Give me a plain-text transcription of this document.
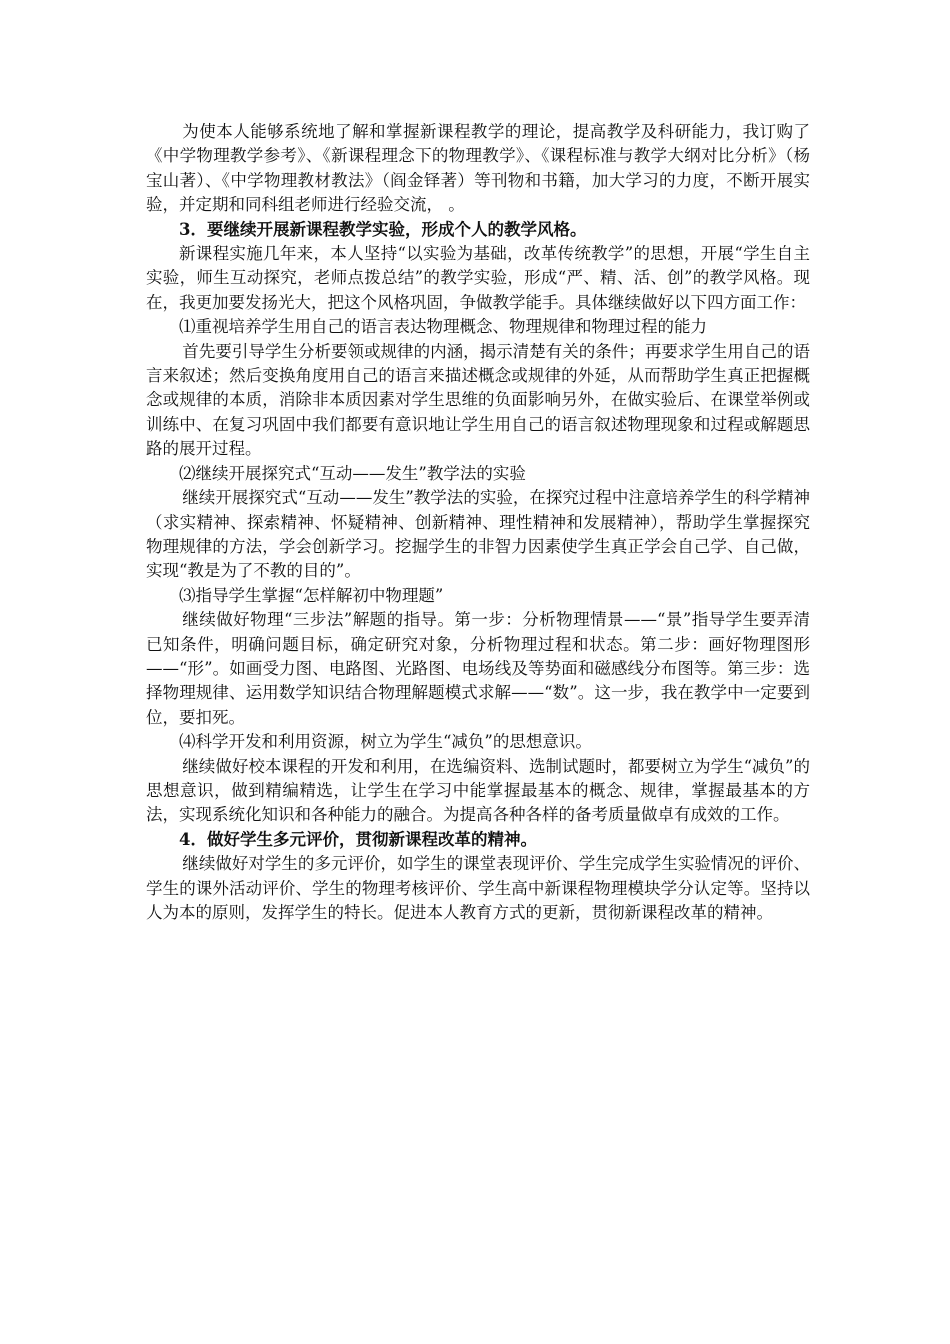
为使本人能够系统地了解和掌握新课程教学的理论，提高教学及科研能力，我订购了《中学物理教学参考》、《新课程理念下的物理教学》、《课程标准与教学大纲对比分析》（杨宝山著）、《中学物理教材教法》（阎金铎著）等刊物和书籍，加大学习的力度，不断开展实验，并定期和同科组老师进行经验交流， 。

3．要继续开展新课程教学实验，形成个人的教学风格。

新课程实施几年来，本人坚持“以实验为基础，改革传统教学”的思想，开展“学生自主实验，师生互动探究，老师点拨总结”的教学实验，形成“严、精、活、创”的教学风格。现在，我更加要发扬光大，把这个风格巩固，争做教学能手。具体继续做好以下四方面工作：

⑴重视培养学生用自己的语言表达物理概念、物理规律和物理过程的能力

首先要引导学生分析要领或规律的内涵，揭示清楚有关的条件；再要求学生用自己的语言来叙述；然后变换角度用自己的语言来描述概念或规律的外延，从而帮助学生真正把握概念或规律的本质，消除非本质因素对学生思维的负面影响另外，在做实验后、在课堂举例或训练中、在复习巩固中我们都要有意识地让学生用自己的语言叙述物理现象和过程或解题思路的展开过程。

⑵继续开展探究式“互动——发生”教学法的实验

继续开展探究式“互动——发生”教学法的实验，在探究过程中注意培养学生的科学精神（求实精神、探索精神、怀疑精神、创新精神、理性精神和发展精神），帮助学生掌握探究物理规律的方法，学会创新学习。挖掘学生的非智力因素使学生真正学会自己学、自己做，实现“教是为了不教的目的”。

⑶指导学生掌握“怎样解初中物理题”

继续做好物理“三步法”解题的指导。第一步：分析物理情景——“景”指导学生要弄清已知条件，明确问题目标，确定研究对象，分析物理过程和状态。第二步：画好物理图形——“形”。如画受力图、电路图、光路图、电场线及等势面和磁感线分布图等。第三步：选择物理规律、运用数学知识结合物理解题模式求解——“数”。这一步，我在教学中一定要到位，要扣死。

⑷科学开发和利用资源，树立为学生“减负”的思想意识。

继续做好校本课程的开发和利用，在选编资料、选制试题时，都要树立为学生“减负”的思想意识，做到精编精选，让学生在学习中能掌握最基本的概念、规律，掌握最基本的方法，实现系统化知识和各种能力的融合。为提高各种各样的备考质量做卓有成效的工作。

4．做好学生多元评价，贯彻新课程改革的精神。

继续做好对学生的多元评价，如学生的课堂表现评价、学生完成学生实验情况的评价、学生的课外活动评价、学生的物理考核评价、学生高中新课程物理模块学分认定等。坚持以人为本的原则，发挥学生的特长。促进本人教育方式的更新，贯彻新课程改革的精神。
